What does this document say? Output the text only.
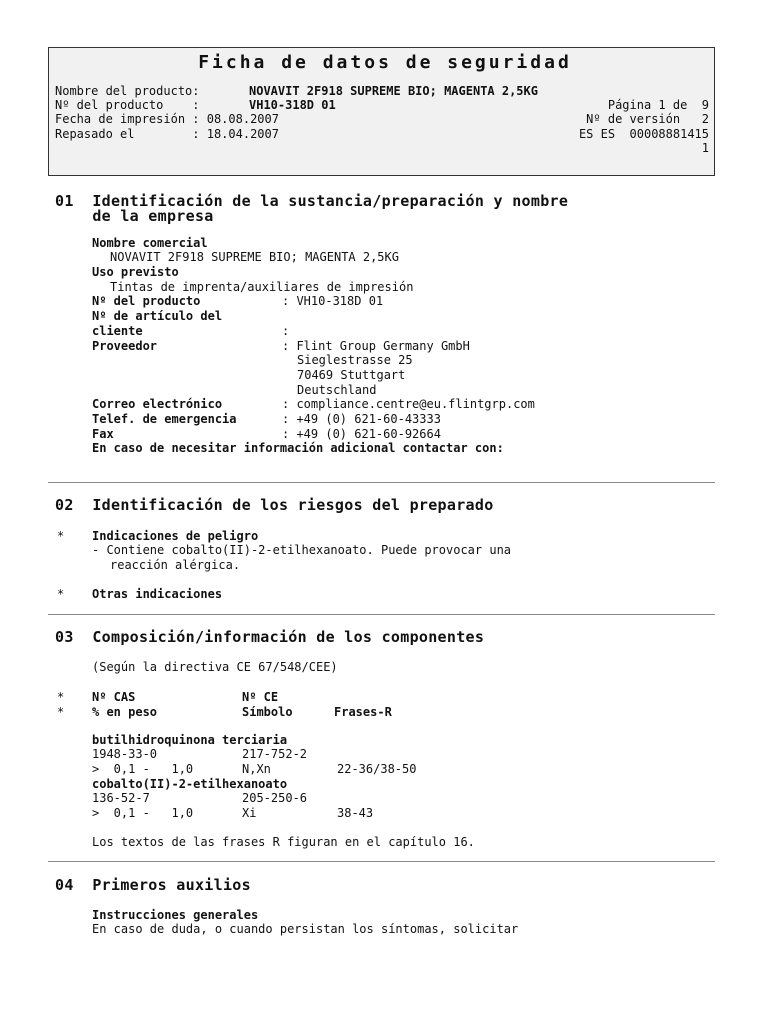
Ficha de datos de seguridad
Nombre del producto:	NOVAVIT 2F918 SUPREME BIO; MAGENTA 2,5KG
Nº del producto    :	VH10-318D 01	Página 1 de  9
Fecha de impresión : 08.08.2007	Nº de versión   2
Repasado el        : 18.04.2007	ES ES  00008881415
1
01  Identificación de la sustancia/preparación y nombre
de la empresa
Nombre comercial
NOVAVIT 2F918 SUPREME BIO; MAGENTA 2,5KG
Uso previsto
Tintas de imprenta/auxiliares de impresión
Nº del producto	: VH10-318D 01
Nº de artículo del
cliente	:
Proveedor	: Flint Group Germany GmbH
Sieglestrasse 25
70469 Stuttgart
Deutschland
Correo electrónico	: compliance.centre@eu.flintgrp.com
Telef. de emergencia	: +49 (0) 621-60-43333
Fax	: +49 (0) 621-60-92664
En caso de necesitar información adicional contactar con:
02  Identificación de los riesgos del preparado
* Indicaciones de peligro
- Contiene cobalto(II)-2-etilhexanoato. Puede provocar una
reacción alérgica.
* Otras indicaciones
03  Composición/información de los componentes
(Según la directiva CE 67/548/CEE)
* Nº CAS	Nº CE
* % en peso	Símbolo	Frases-R
butilhidroquinona terciaria
1948-33-0	217-752-2
>  0,1 -   1,0	N,Xn	22-36/38-50
cobalto(II)-2-etilhexanoato
136-52-7	205-250-6
>  0,1 -   1,0	Xi	38-43
Los textos de las frases R figuran en el capítulo 16.
04  Primeros auxilios
Instrucciones generales
En caso de duda, o cuando persistan los síntomas, solicitar
